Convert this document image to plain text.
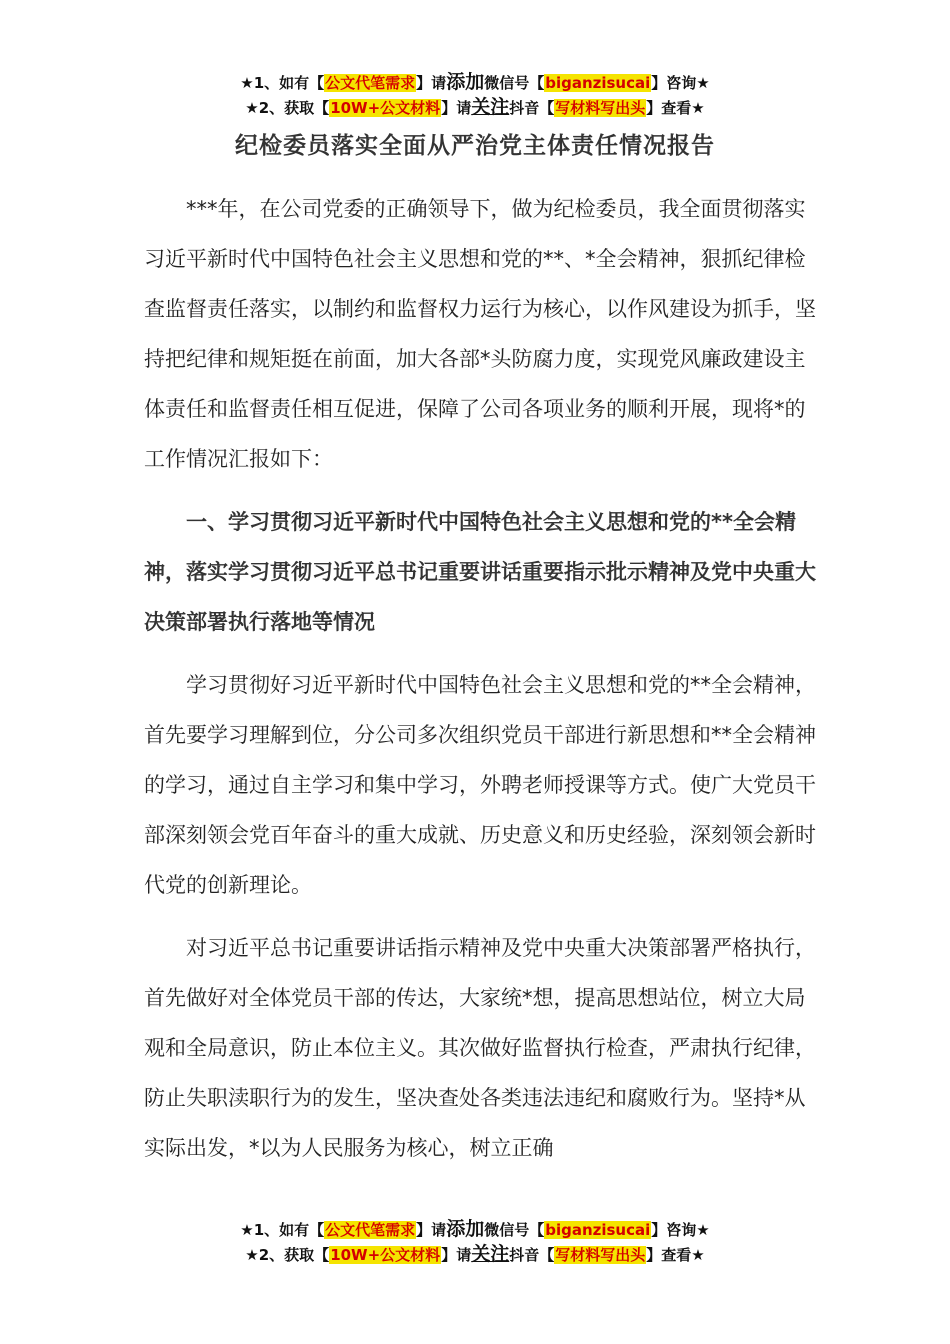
★1、如有【公文代笔需求】请添加微信号【biganzisucai】咨询★
★2、获取【10W+公文材料】请关注抖音【写材料写出头】查看★
纪检委员落实全面从严治党主体责任情况报告

***年，在公司党委的正确领导下，做为纪检委员，我全面贯彻落实习近平新时代中国特色社会主义思想和党的**、*全会精神，狠抓纪律检查监督责任落实，以制约和监督权力运行为核心，以作风建设为抓手，坚持把纪律和规矩挺在前面，加大各部*头防腐力度，实现党风廉政建设主体责任和监督责任相互促进，保障了公司各项业务的顺利开展，现将*的工作情况汇报如下：

一、学习贯彻习近平新时代中国特色社会主义思想和党的**全会精神，落实学习贯彻习近平总书记重要讲话重要指示批示精神及党中央重大决策部署执行落地等情况

学习贯彻好习近平新时代中国特色社会主义思想和党的**全会精神，首先要学习理解到位，分公司多次组织党员干部进行新思想和**全会精神的学习，通过自主学习和集中学习，外聘老师授课等方式。使广大党员干部深刻领会党百年奋斗的重大成就、历史意义和历史经验，深刻领会新时代党的创新理论。

对习近平总书记重要讲话指示精神及党中央重大决策部署严格执行，首先做好对全体党员干部的传达，大家统*想，提高思想站位，树立大局观和全局意识，防止本位主义。其次做好监督执行检查，严肃执行纪律，防止失职渎职行为的发生，坚决查处各类违法违纪和腐败行为。坚持*从实际出发，*以为人民服务为核心，树立正确

★1、如有【公文代笔需求】请添加微信号【biganzisucai】咨询★
★2、获取【10W+公文材料】请关注抖音【写材料写出头】查看★
